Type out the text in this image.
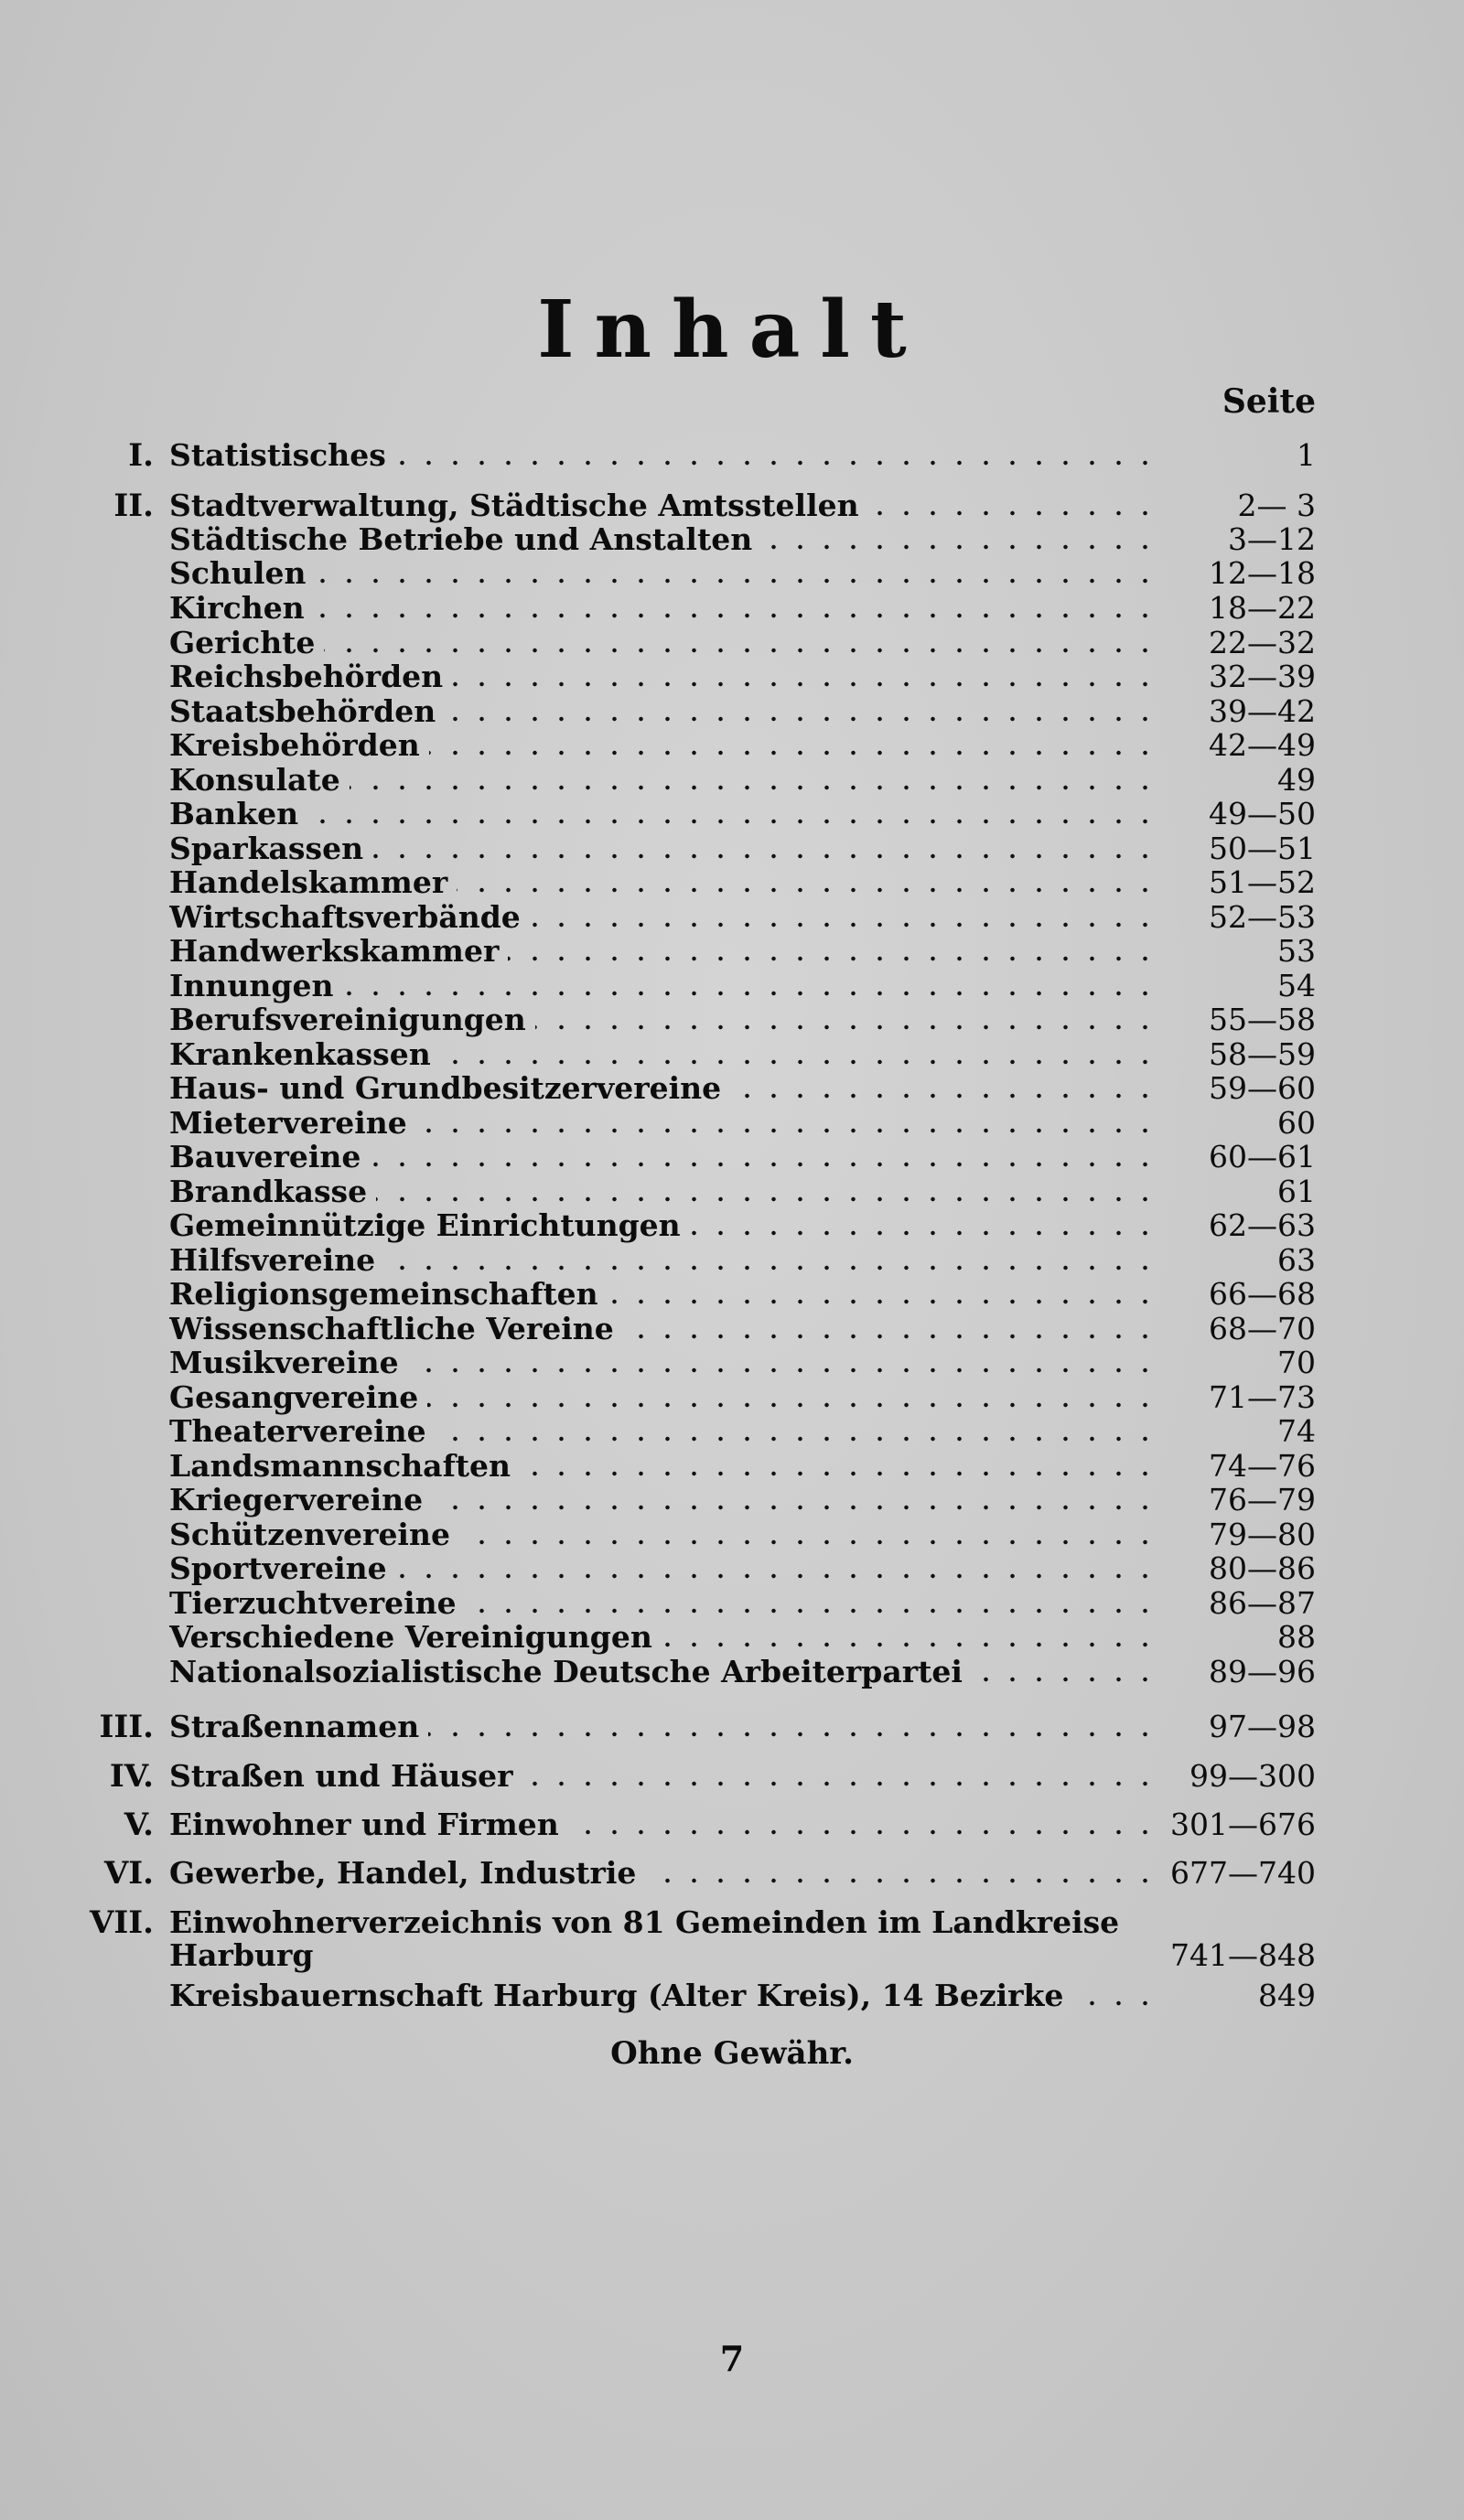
Inhalt
Seite
I. Statistisches	1
II. Stadtverwaltung, Städtische Amtsstellen	2— 3
Städtische Betriebe und Anstalten	3—12
Schulen	12—18
Kirchen	18—22
Gerichte	22—32
Reichsbehörden	32—39
Staatsbehörden	39—42
Kreisbehörden	42—49
Konsulate	49
Banken	49—50
Sparkassen	50—51
Handelskammer	51—52
Wirtschaftsverbände	52—53
Handwerkskammer	53
Innungen	54
Berufsvereinigungen	55—58
Krankenkassen	58—59
Haus- und Grundbesitzervereine	59—60
Mietervereine	60
Bauvereine	60—61
Brandkasse	61
Gemeinnützige Einrichtungen	62—63
Hilfsvereine	63
Religionsgemeinschaften	66—68
Wissenschaftliche Vereine	68—70
Musikvereine	70
Gesangvereine	71—73
Theatervereine	74
Landsmannschaften	74—76
Kriegervereine	76—79
Schützenvereine	79—80
Sportvereine	80—86
Tierzuchtvereine	86—87
Verschiedene Vereinigungen	88
Nationalsozialistische Deutsche Arbeiterpartei	89—96
III. Straßennamen	97—98
IV. Straßen und Häuser	99—300
V. Einwohner und Firmen	301—676
VI. Gewerbe, Handel, Industrie	677—740
VII. Einwohnerverzeichnis von 81 Gemeinden im Landkreise
Harburg	741—848
Kreisbauernschaft Harburg (Alter Kreis), 14 Bezirke	849
Ohne Gewähr.
7
